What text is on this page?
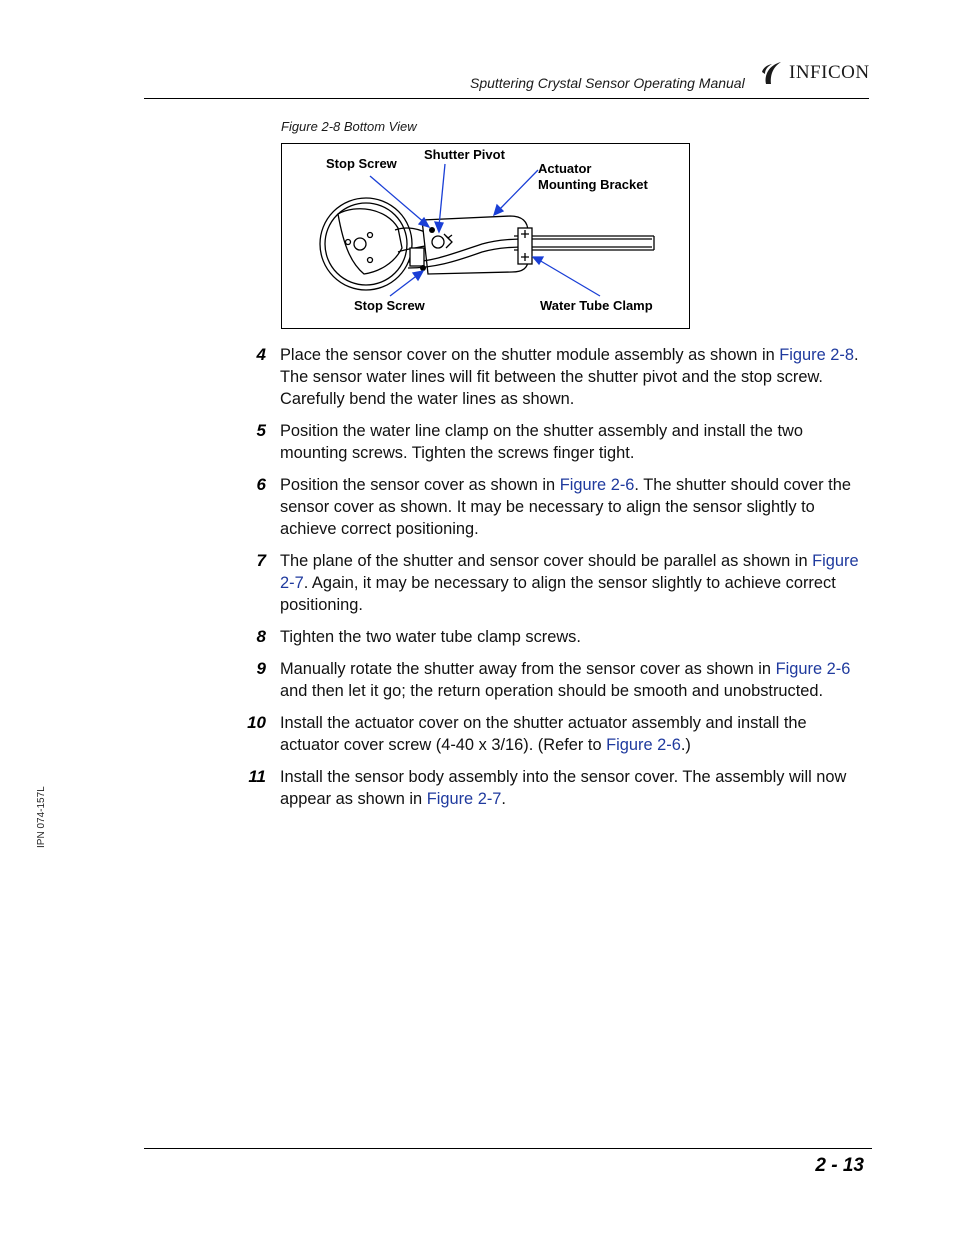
Sputtering Crystal Sensor Operating Manual INFICON
Figure 2-8 Bottom View
Stop Screw
Shutter Pivot
Actuator
Mounting Bracket
Stop Screw	Water Tube Clamp
4 Place the sensor cover on the shutter module assembly as shown in Figure 2-8. The sensor water lines will fit between the shutter pivot and the stop screw. Carefully bend the water lines as shown.
5 Position the water line clamp on the shutter assembly and install the two mounting screws. Tighten the screws finger tight.
6 Position the sensor cover as shown in Figure 2-6. The shutter should cover the sensor cover as shown. It may be necessary to align the sensor slightly to achieve correct positioning.
7 The plane of the shutter and sensor cover should be parallel as shown in Figure 2-7. Again, it may be necessary to align the sensor slightly to achieve correct positioning.
8 Tighten the two water tube clamp screws.
9 Manually rotate the shutter away from the sensor cover as shown in Figure 2-6 and then let it go; the return operation should be smooth and unobstructed.
10 Install the actuator cover on the shutter actuator assembly and install the actuator cover screw (4-40 x 3/16). (Refer to Figure 2-6.)
11 Install the sensor body assembly into the sensor cover. The assembly will now appear as shown in Figure 2-7.
IPN 074-157L
2 - 13
